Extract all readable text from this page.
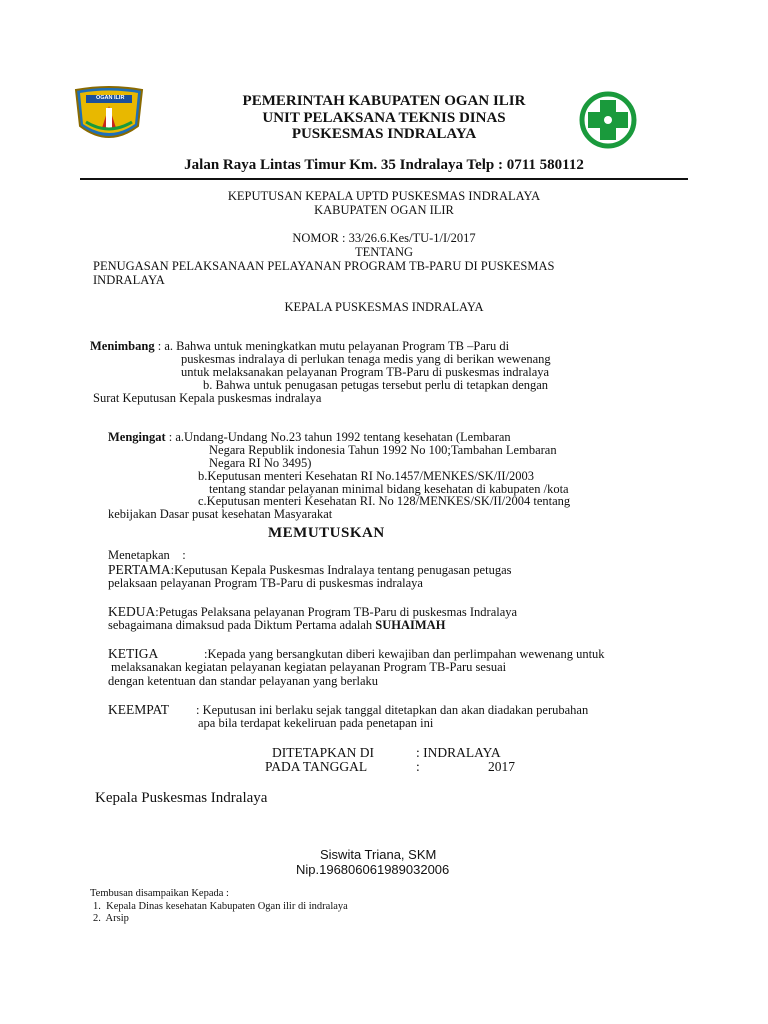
OGAN ILIR	PEMERINTAH KABUPATEN OGAN ILIR
UNIT PELAKSANA TEKNIS DINAS
PUSKESMAS INDRALAYA
Jalan Raya Lintas Timur Km. 35 Indralaya Telp : 0711 580112
KEPUTUSAN KEPALA UPTD PUSKESMAS INDRALAYA
KABUPATEN OGAN ILIR
NOMOR : 33/26.6.Kes/TU-1/I/2017
TENTANG
PENUGASAN PELAKSANAAN PELAYANAN PROGRAM TB-PARU DI PUSKESMAS
INDRALAYA
KEPALA PUSKESMAS INDRALAYA
Menimbang : a. Bahwa untuk meningkatkan mutu pelayanan Program TB –Paru di
puskesmas indralaya di perlukan tenaga medis yang di berikan wewenang
untuk melaksanakan pelayanan Program TB-Paru di puskesmas indralaya
b. Bahwa untuk penugasan petugas tersebut perlu di tetapkan dengan
Surat Keputusan Kepala puskesmas indralaya
Mengingat : a.Undang-Undang No.23 tahun 1992 tentang kesehatan (Lembaran
Negara Republik indonesia Tahun 1992 No 100;Tambahan Lembaran
Negara RI No 3495)
b.Keputusan menteri Kesehatan RI No.1457/MENKES/SK/II/2003
tentang standar pelayanan minimal bidang kesehatan di kabupaten /kota
c.Keputusan menteri Kesehatan RI. No 128/MENKES/SK/II/2004 tentang
kebijakan Dasar pusat kesehatan Masyarakat
MEMUTUSKAN
Menetapkan    :
PERTAMA:Keputusan Kepala Puskesmas Indralaya tentang penugasan petugas
pelaksaan pelayanan Program TB-Paru di puskesmas indralaya
KEDUA:Petugas Pelaksana pelayanan Program TB-Paru di puskesmas Indralaya
sebagaimana dimaksud pada Diktum Pertama adalah SUHAIMAH
KETIGA	:Kepada yang bersangkutan diberi kewajiban dan perlimpahan wewenang untuk
melaksanakan kegiatan pelayanan kegiatan pelayanan Program TB-Paru sesuai
dengan ketentuan dan standar pelayanan yang berlaku
KEEMPAT : Keputusan ini berlaku sejak tanggal ditetapkan dan akan diadakan perubahan
apa bila terdapat kekeliruan pada penetapan ini
DITETAPKAN DI	: INDRALAYA
PADA TANGGAL	:	2017
Kepala Puskesmas Indralaya
Siswita Triana, SKM
Nip.196806061989032006
Tembusan disampaikan Kepada :
1.  Kepala Dinas kesehatan Kabupaten Ogan ilir di indralaya
2.  Arsip
